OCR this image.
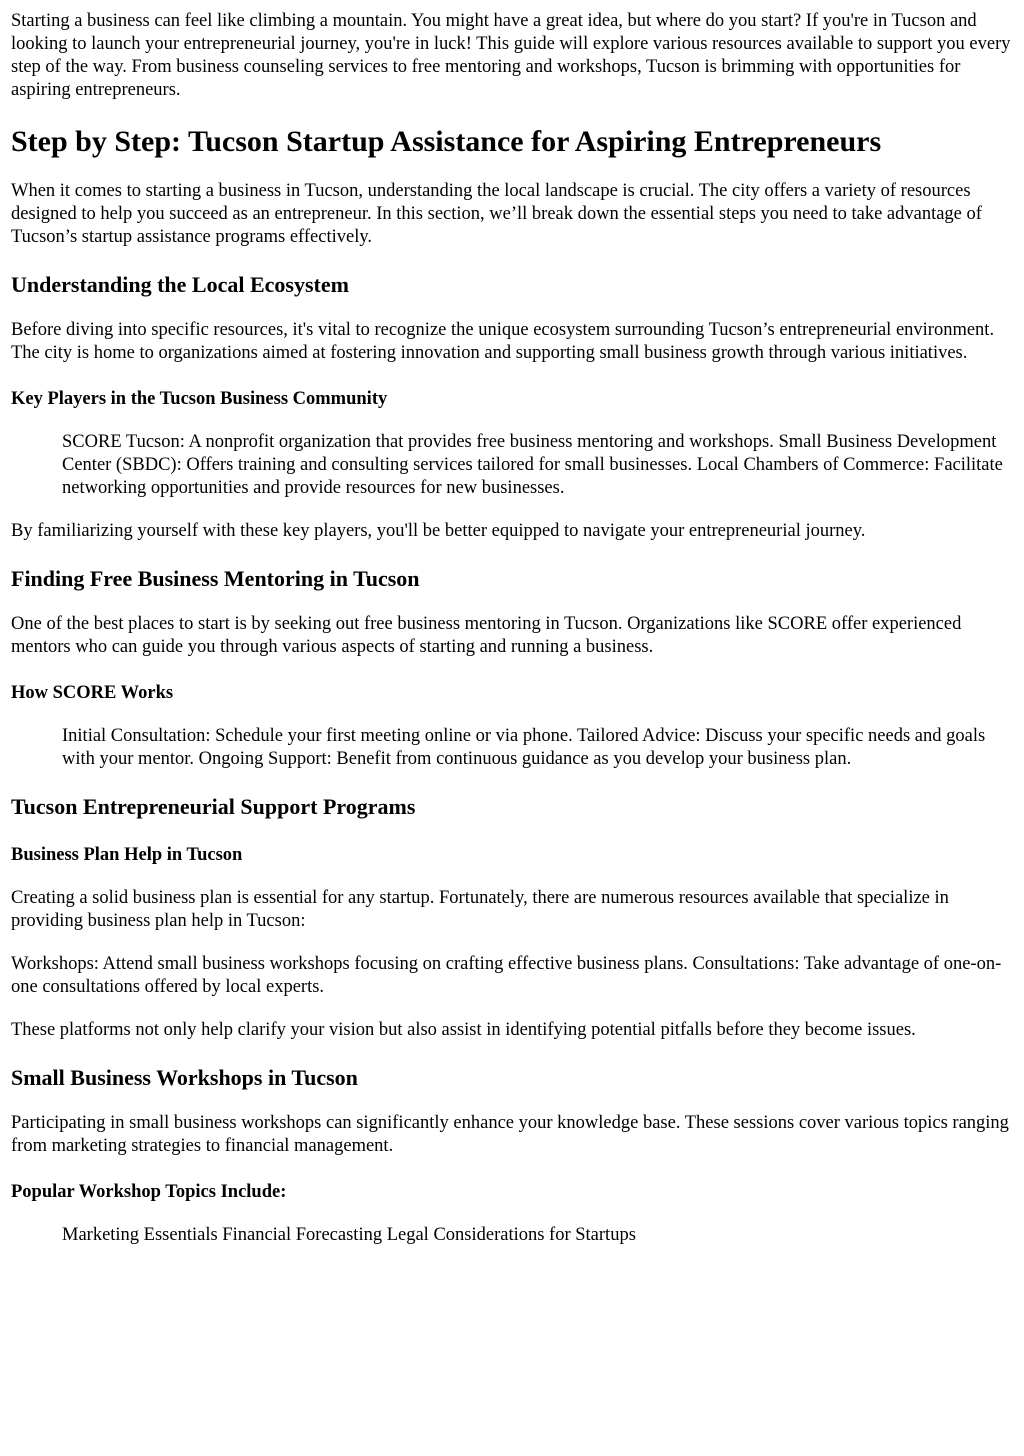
Starting a business can feel like climbing a mountain. You might have a great idea, but where do you start? If you're in Tucson and looking to launch your entrepreneurial journey, you're in luck! This guide will explore various resources available to support you every step of the way. From business counseling services to free mentoring and workshops, Tucson is brimming with opportunities for aspiring entrepreneurs.

Step by Step: Tucson Startup Assistance for Aspiring Entrepreneurs

When it comes to starting a business in Tucson, understanding the local landscape is crucial. The city offers a variety of resources designed to help you succeed as an entrepreneur. In this section, we’ll break down the essential steps you need to take advantage of Tucson’s startup assistance programs effectively.

Understanding the Local Ecosystem

Before diving into specific resources, it's vital to recognize the unique ecosystem surrounding Tucson’s entrepreneurial environment. The city is home to organizations aimed at fostering innovation and supporting small business growth through various initiatives.

Key Players in the Tucson Business Community

SCORE Tucson: A nonprofit organization that provides free business mentoring and workshops. Small Business Development Center (SBDC): Offers training and consulting services tailored for small businesses. Local Chambers of Commerce: Facilitate networking opportunities and provide resources for new businesses.

By familiarizing yourself with these key players, you'll be better equipped to navigate your entrepreneurial journey.

Finding Free Business Mentoring in Tucson

One of the best places to start is by seeking out free business mentoring in Tucson. Organizations like SCORE offer experienced mentors who can guide you through various aspects of starting and running a business.

How SCORE Works

Initial Consultation: Schedule your first meeting online or via phone. Tailored Advice: Discuss your specific needs and goals with your mentor. Ongoing Support: Benefit from continuous guidance as you develop your business plan.

Tucson Entrepreneurial Support Programs
Business Plan Help in Tucson

Creating a solid business plan is essential for any startup. Fortunately, there are numerous resources available that specialize in providing business plan help in Tucson:

Workshops: Attend small business workshops focusing on crafting effective business plans. Consultations: Take advantage of one-on-one consultations offered by local experts.

These platforms not only help clarify your vision but also assist in identifying potential pitfalls before they become issues.

Small Business Workshops in Tucson

Participating in small business workshops can significantly enhance your knowledge base. These sessions cover various topics ranging from marketing strategies to financial management.

Popular Workshop Topics Include:

Marketing Essentials Financial Forecasting Legal Considerations for Startups
